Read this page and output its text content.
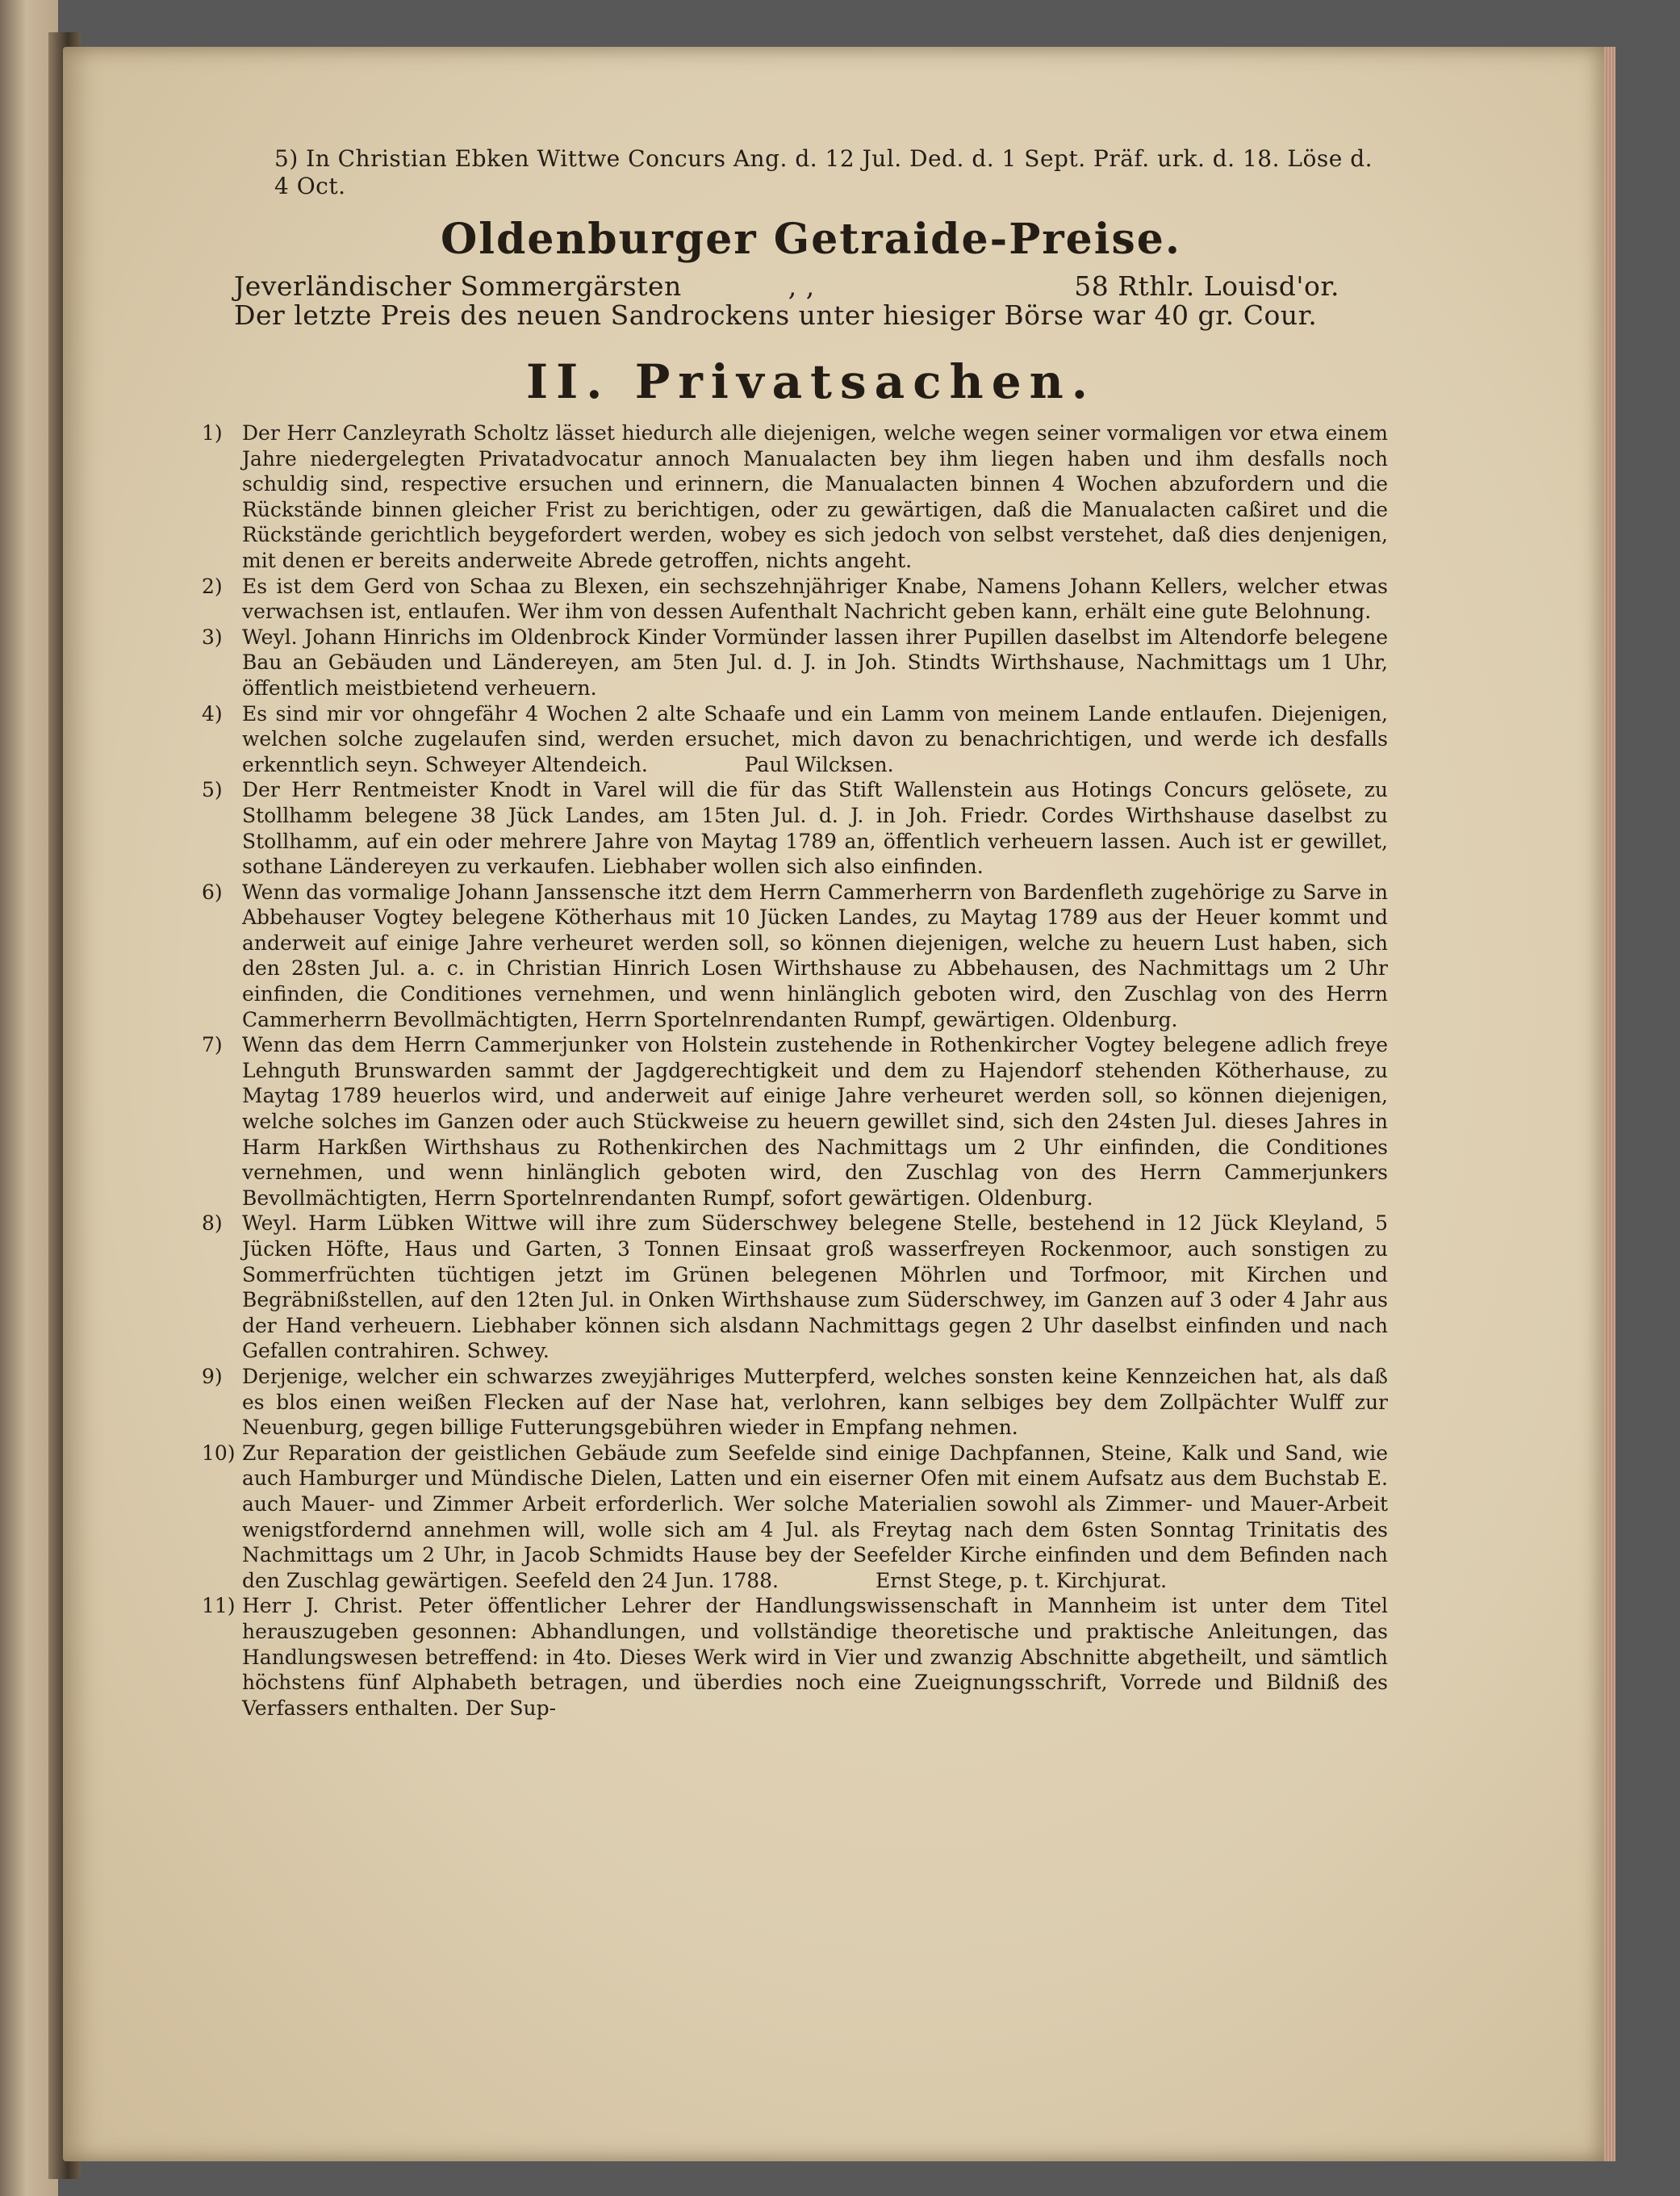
5) In Christian Ebken Wittwe Concurs Ang. d. 12 Jul. Ded. d. 1 Sept. Präf. urk. d. 18. Löse d. 4 Oct.
Oldenburger Getraide-Preise.
Jeverländischer Sommergärsten	, ,	58 Rthlr. Louisd'or.
Der letzte Preis des neuen Sandrockens unter hiesiger Börse war 40 gr. Cour.
II. Privatsachen.
1) Der Herr Canzleyrath Scholtz lässet hiedurch alle diejenigen, welche wegen seiner vormaligen vor etwa einem Jahre niedergelegten Privatadvocatur annoch Manualacten bey ihm liegen haben und ihm desfalls noch schuldig sind, respective ersuchen und erinnern, die Manualacten binnen 4 Wochen abzufordern und die Rückstände binnen gleicher Frist zu berichtigen, oder zu gewärtigen, daß die Manualacten caßiret und die Rückstände gerichtlich beygefordert werden, wobey es sich jedoch von selbst verstehet, daß dies denjenigen, mit denen er bereits anderweite Abrede getroffen, nichts angeht.
2) Es ist dem Gerd von Schaa zu Blexen, ein sechszehnjähriger Knabe, Namens Johann Kellers, welcher etwas verwachsen ist, entlaufen. Wer ihm von dessen Aufenthalt Nachricht geben kann, erhält eine gute Belohnung.
3) Weyl. Johann Hinrichs im Oldenbrock Kinder Vormünder lassen ihrer Pupillen daselbst im Altendorfe belegene Bau an Gebäuden und Ländereyen, am 5ten Jul. d. J. in Joh. Stindts Wirthshause, Nachmittags um 1 Uhr, öffentlich meistbietend verheuern.
4) Es sind mir vor ohngefähr 4 Wochen 2 alte Schaafe und ein Lamm von meinem Lande entlaufen. Diejenigen, welchen solche zugelaufen sind, werden ersuchet, mich davon zu benachrichtigen, und werde ich desfalls erkenntlich seyn. Schweyer Altendeich.	Paul Wilcksen.
5) Der Herr Rentmeister Knodt in Varel will die für das Stift Wallenstein aus Hotings Concurs gelösete, zu Stollhamm belegene 38 Jück Landes, am 15ten Jul. d. J. in Joh. Friedr. Cordes Wirthshause daselbst zu Stollhamm, auf ein oder mehrere Jahre von Maytag 1789 an, öffentlich verheuern lassen. Auch ist er gewillet, sothane Ländereyen zu verkaufen. Liebhaber wollen sich also einfinden.
6) Wenn das vormalige Johann Janssensche itzt dem Herrn Cammerherrn von Bardenfleth zugehörige zu Sarve in Abbehauser Vogtey belegene Kötherhaus mit 10 Jücken Landes, zu Maytag 1789 aus der Heuer kommt und anderweit auf einige Jahre verheuret werden soll, so können diejenigen, welche zu heuern Lust haben, sich den 28sten Jul. a. c. in Christian Hinrich Losen Wirthshause zu Abbehausen, des Nachmittags um 2 Uhr einfinden, die Conditiones vernehmen, und wenn hinlänglich geboten wird, den Zuschlag von des Herrn Cammerherrn Bevollmächtigten, Herrn Sportelnrendanten Rumpf, gewärtigen. Oldenburg.
7) Wenn das dem Herrn Cammerjunker von Holstein zustehende in Rothenkircher Vogtey belegene adlich freye Lehnguth Brunswarden sammt der Jagdgerechtigkeit und dem zu Hajendorf stehenden Kötherhause, zu Maytag 1789 heuerlos wird, und anderweit auf einige Jahre verheuret werden soll, so können diejenigen, welche solches im Ganzen oder auch Stückweise zu heuern gewillet sind, sich den 24sten Jul. dieses Jahres in Harm Harkßen Wirthshaus zu Rothenkirchen des Nachmittags um 2 Uhr einfinden, die Conditiones vernehmen, und wenn hinlänglich geboten wird, den Zuschlag von des Herrn Cammerjunkers Bevollmächtigten, Herrn Sportelnrendanten Rumpf, sofort gewärtigen. Oldenburg.
8) Weyl. Harm Lübken Wittwe will ihre zum Süderschwey belegene Stelle, bestehend in 12 Jück Kleyland, 5 Jücken Höfte, Haus und Garten, 3 Tonnen Einsaat groß wasserfreyen Rockenmoor, auch sonstigen zu Sommerfrüchten tüchtigen jetzt im Grünen belegenen Möhrlen und Torfmoor, mit Kirchen und Begräbnißstellen, auf den 12ten Jul. in Onken Wirthshause zum Süderschwey, im Ganzen auf 3 oder 4 Jahr aus der Hand verheuern. Liebhaber können sich alsdann Nachmittags gegen 2 Uhr daselbst einfinden und nach Gefallen contrahiren. Schwey.
9) Derjenige, welcher ein schwarzes zweyjähriges Mutterpferd, welches sonsten keine Kennzeichen hat, als daß es blos einen weißen Flecken auf der Nase hat, verlohren, kann selbiges bey dem Zollpächter Wulff zur Neuenburg, gegen billige Futterungsgebühren wieder in Empfang nehmen.
10) Zur Reparation der geistlichen Gebäude zum Seefelde sind einige Dachpfannen, Steine, Kalk und Sand, wie auch Hamburger und Mündische Dielen, Latten und ein eiserner Ofen mit einem Aufsatz aus dem Buchstab E. auch Mauer- und Zimmer Arbeit erforderlich. Wer solche Materialien sowohl als Zimmer- und Mauer-Arbeit wenigstfordernd annehmen will, wolle sich am 4 Jul. als Freytag nach dem 6sten Sonntag Trinitatis des Nachmittags um 2 Uhr, in Jacob Schmidts Hause bey der Seefelder Kirche einfinden und dem Befinden nach den Zuschlag gewärtigen. Seefeld den 24 Jun. 1788.	Ernst Stege, p. t. Kirchjurat.
11) Herr J. Christ. Peter öffentlicher Lehrer der Handlungswissenschaft in Mannheim ist unter dem Titel herauszugeben gesonnen: Abhandlungen, und vollständige theoretische und praktische Anleitungen, das Handlungswesen betreffend: in 4to. Dieses Werk wird in Vier und zwanzig Abschnitte abgetheilt, und sämtlich höchstens fünf Alphabeth betragen, und überdies noch eine Zueignungsschrift, Vorrede und Bildniß des Verfassers enthalten. Der Sup-
